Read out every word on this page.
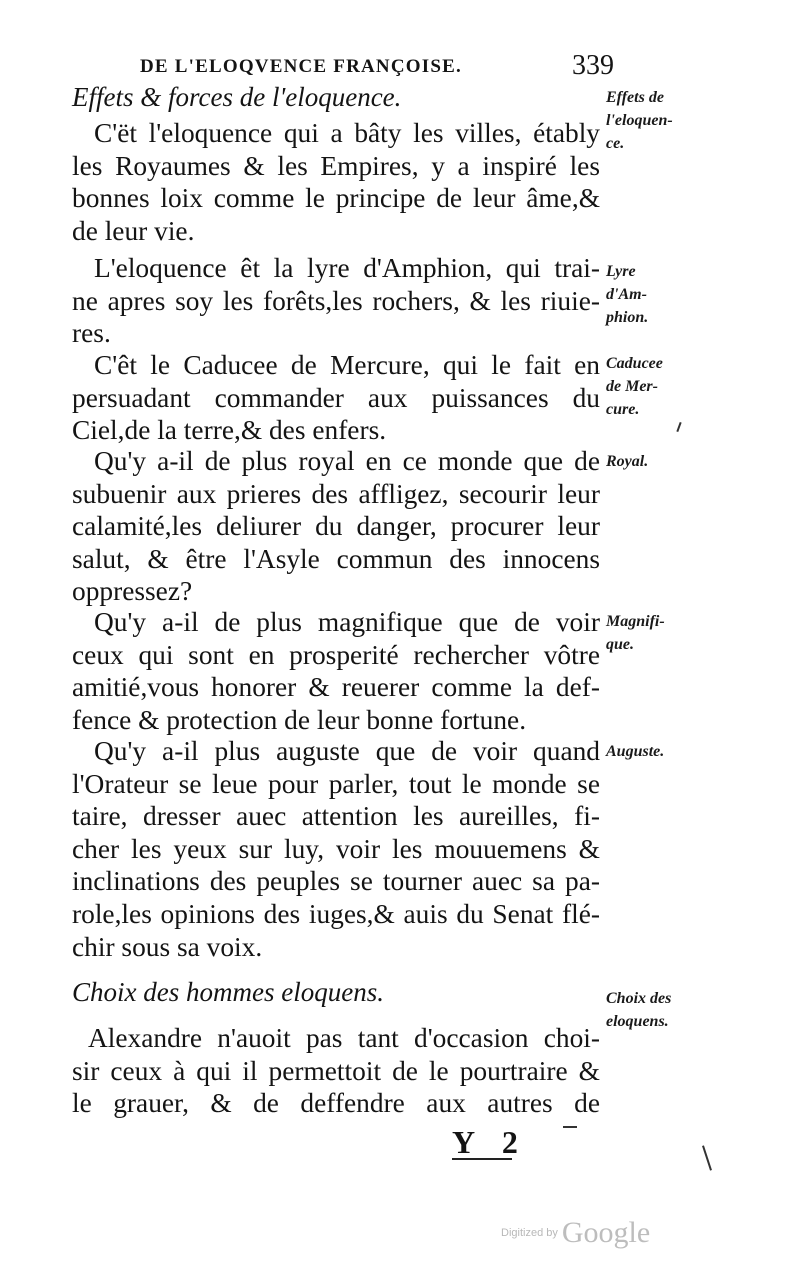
DE L'ELOQVENCE FRANÇOISE.	339
Effets & forces de l'eloquence.
C'ët l'eloquence qui a bâty les villes, étably
les Royaumes & les Empires, y a inspiré les
bonnes loix comme le principe de leur âme,&
de leur vie.
L'eloquence êt la lyre d'Amphion, qui trai-
ne apres soy les forêts,les rochers, & les riuie-
res.
C'êt le Caducee de Mercure, qui le fait en
persuadant commander aux puissances du
Ciel,de la terre,& des enfers.
Qu'y a-il de plus royal en ce monde que de
subuenir aux prieres des affligez, secourir leur
calamité,les deliurer du danger, procurer leur
salut, & être l'Asyle commun des innocens
oppressez?
Qu'y a-il de plus magnifique que de voir
ceux qui sont en prosperité rechercher vôtre
amitié,vous honorer & reuerer comme la def-
fence & protection de leur bonne fortune.
Qu'y a-il plus auguste que de voir quand
l'Orateur se leue pour parler, tout le monde se
taire, dresser auec attention les aureilles, fi-
cher les yeux sur luy, voir les mouuemens &
inclinations des peuples se tourner auec sa pa-
role,les opinions des iuges,& auis du Senat flé-
chir sous sa voix.
Choix des hommes eloquens.
Alexandre n'auoit pas tant d'occasion choi-
sir ceux à qui il permettoit de le pourtraire &
le grauer, & de deffendre aux autres de
Effets de
l'eloquen-
ce.
Lyre
d'Am-
phion.
Caducee
de Mer-
cure.
Royal.
Magnifi-
que.
Auguste.
Choix des
eloquens.
Y 2
Digitized by Google
